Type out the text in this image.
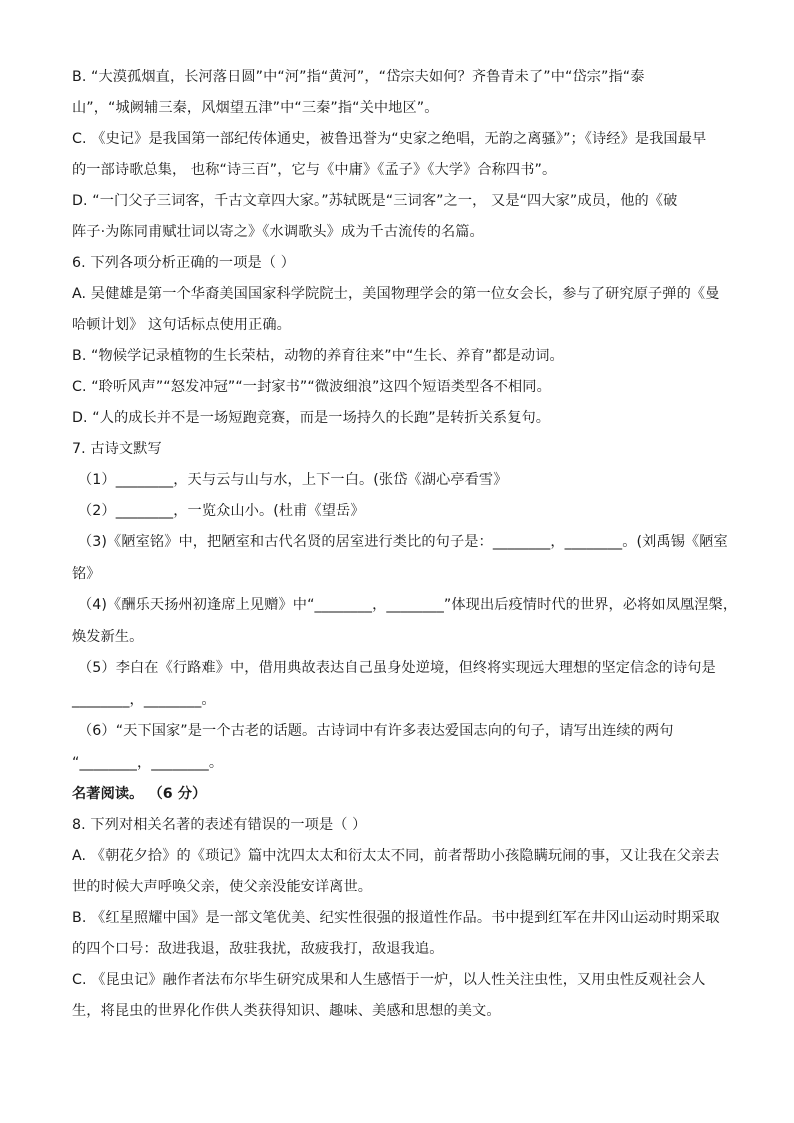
B. “大漠孤烟直，长河落日圆”中“河”指“黄河”，“岱宗夫如何？齐鲁青未了”中“岱宗”指“泰
山”，“城阙辅三秦，风烟望五津”中“三秦”指“关中地区”。
C. 《史记》是我国第一部纪传体通史，被鲁迅誉为“史家之绝唱，无韵之离骚》”；《诗经》是我国最早
的一部诗歌总集， 也称“诗三百”，它与《中庸》《孟子》《大学》合称四书”。
D. “一门父子三词客，千古文章四大家。”苏轼既是“三词客”之一， 又是“四大家”成员，他的《破
阵子·为陈同甫赋壮词以寄之》《水调歌头》成为千古流传的名篇。
6. 下列各项分析正确的一项是（ ）
A. 吴健雄是第一个华裔美国国家科学院院士，美国物理学会的第一位女会长，参与了研究原子弹的《曼
哈顿计划》 这句话标点使用正确。
B. “物候学记录植物的生长荣枯，动物的养育往来”中“生长、养育”都是动词。
C. “聆听风声”“怒发冲冠”“一封家书”“微波细浪”这四个短语类型各不相同。
D. “人的成长并不是一场短跑竞赛，而是一场持久的长跑”是转折关系复句。
7. 古诗文默写
（1）________，天与云与山与水，上下一白。(张岱《湖心亭看雪》
（2）________，一览众山小。(杜甫《望岳》
（3)《陋室铭》中，把陋室和古代名贤的居室进行类比的句子是：________，________。(刘禹锡《陋室
铭》
（4)《酬乐天扬州初逢席上见赠》中“________，________”体现出后疫情时代的世界，必将如凤凰涅槃，
焕发新生。
（5）李白在《行路难》中，借用典故表达自己虽身处逆境，但终将实现远大理想的坚定信念的诗句是
________，________。
（6）“天下国家”是一个古老的话题。古诗词中有许多表达爱国志向的句子，请写出连续的两句
“________，________。
名著阅读。 （6 分）
8. 下列对相关名著的表述有错误的一项是（ ）
A. 《朝花夕拾》的《琐记》篇中沈四太太和衍太太不同，前者帮助小孩隐瞒玩闹的事，又让我在父亲去
世的时候大声呼唤父亲，使父亲没能安详离世。
B. 《红星照耀中国》是一部文笔优美、纪实性很强的报道性作品。书中提到红军在井冈山运动时期采取
的四个口号：敌进我退，敌驻我扰，敌疲我打，敌退我追。
C. 《昆虫记》融作者法布尔毕生研究成果和人生感悟于一炉，以人性关注虫性，又用虫性反观社会人
生，将昆虫的世界化作供人类获得知识、趣味、美感和思想的美文。
